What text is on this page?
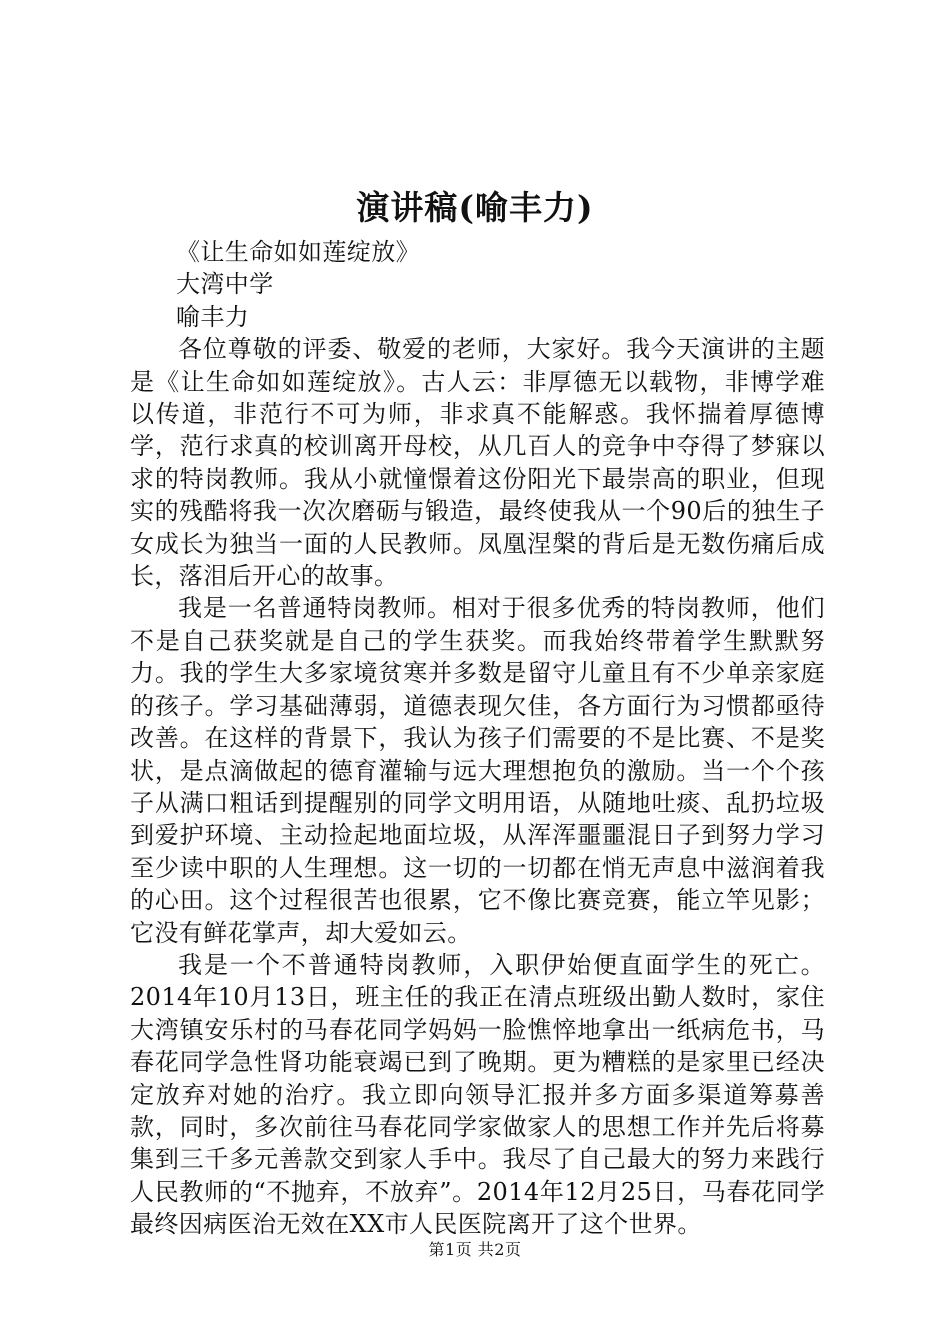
演讲稿(喻丰力)

《让生命如如莲绽放》

大湾中学

喻丰力

各位尊敬的评委、敬爱的老师，大家好。我今天演讲的主题是《让生命如如莲绽放》。古人云：非厚德无以载物，非博学难以传道，非范行不可为师，非求真不能解惑。我怀揣着厚德博学，范行求真的校训离开母校，从几百人的竞争中夺得了梦寐以求的特岗教师。我从小就憧憬着这份阳光下最崇高的职业，但现实的残酷将我一次次磨砺与锻造，最终使我从一个90后的独生子女成长为独当一面的人民教师。凤凰涅槃的背后是无数伤痛后成长，落泪后开心的故事。

我是一名普通特岗教师。相对于很多优秀的特岗教师，他们不是自己获奖就是自己的学生获奖。而我始终带着学生默默努力。我的学生大多家境贫寒并多数是留守儿童且有不少单亲家庭的孩子。学习基础薄弱，道德表现欠佳，各方面行为习惯都亟待改善。在这样的背景下，我认为孩子们需要的不是比赛、不是奖状，是点滴做起的德育灌输与远大理想抱负的激励。当一个个孩子从满口粗话到提醒别的同学文明用语，从随地吐痰、乱扔垃圾到爱护环境、主动捡起地面垃圾，从浑浑噩噩混日子到努力学习至少读中职的人生理想。这一切的一切都在悄无声息中滋润着我的心田。这个过程很苦也很累，它不像比赛竞赛，能立竿见影；它没有鲜花掌声，却大爱如云。

我是一个不普通特岗教师，入职伊始便直面学生的死亡。2014年10月13日，班主任的我正在清点班级出勤人数时，家住大湾镇安乐村的马春花同学妈妈一脸憔悴地拿出一纸病危书，马春花同学急性肾功能衰竭已到了晚期。更为糟糕的是家里已经决定放弃对她的治疗。我立即向领导汇报并多方面多渠道筹募善款，同时，多次前往马春花同学家做家人的思想工作并先后将募集到三千多元善款交到家人手中。我尽了自己最大的努力来践行人民教师的“不抛弃，不放弃”。2014年12月25日，马春花同学最终因病医治无效在XX市人民医院离开了这个世界。

第1页 共2页
